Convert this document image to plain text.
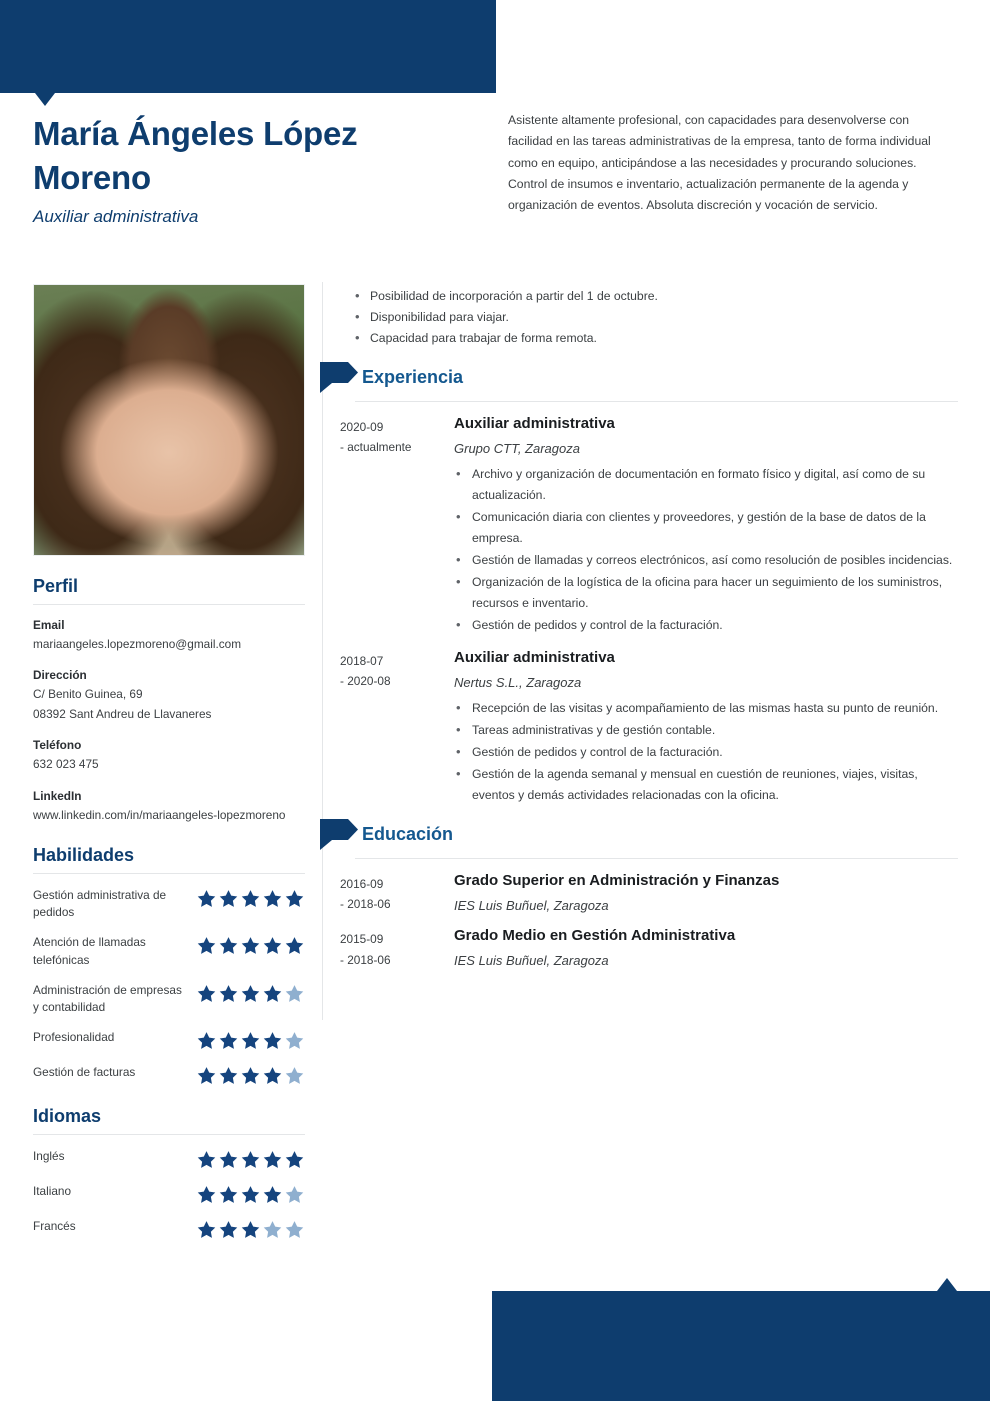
María Ángeles López Moreno
Auxiliar administrativa
Asistente altamente profesional, con capacidades para desenvolverse con facilidad en las tareas administrativas de la empresa, tanto de forma individual como en equipo, anticipándose a las necesidades y procurando soluciones. Control de insumos e inventario, actualización permanente de la agenda y organización de eventos. Absoluta discreción y vocación de servicio.
Perfil
Email
mariaangeles.lopezmoreno@gmail.com
Dirección
C/ Benito Guinea, 69
08392 Sant Andreu de Llavaneres
Teléfono
632 023 475
LinkedIn
www.linkedin.com/in/mariaangeles-lopezmoreno
Habilidades
Gestión administrativa de pedidos
Atención de llamadas telefónicas
Administración de empresas y contabilidad
Profesionalidad
Gestión de facturas
Idiomas
Inglés
Italiano
Francés
• Posibilidad de incorporación a partir del 1 de octubre.
• Disponibilidad para viajar.
• Capacidad para trabajar de forma remota.
Experiencia
2020-09
- actualmente
Auxiliar administrativa
Grupo CTT, Zaragoza
• Archivo y organización de documentación en formato físico y digital, así como de su actualización.
• Comunicación diaria con clientes y proveedores, y gestión de la base de datos de la empresa.
• Gestión de llamadas y correos electrónicos, así como resolución de posibles incidencias.
• Organización de la logística de la oficina para hacer un seguimiento de los suministros, recursos e inventario.
• Gestión de pedidos y control de la facturación.
2018-07
- 2020-08
Auxiliar administrativa
Nertus S.L., Zaragoza
• Recepción de las visitas y acompañamiento de las mismas hasta su punto de reunión.
• Tareas administrativas y de gestión contable.
• Gestión de pedidos y control de la facturación.
• Gestión de la agenda semanal y mensual en cuestión de reuniones, viajes, visitas, eventos y demás actividades relacionadas con la oficina.
Educación
2016-09
- 2018-06
Grado Superior en Administración y Finanzas
IES Luis Buñuel, Zaragoza
2015-09
- 2018-06
Grado Medio en Gestión Administrativa
IES Luis Buñuel, Zaragoza
